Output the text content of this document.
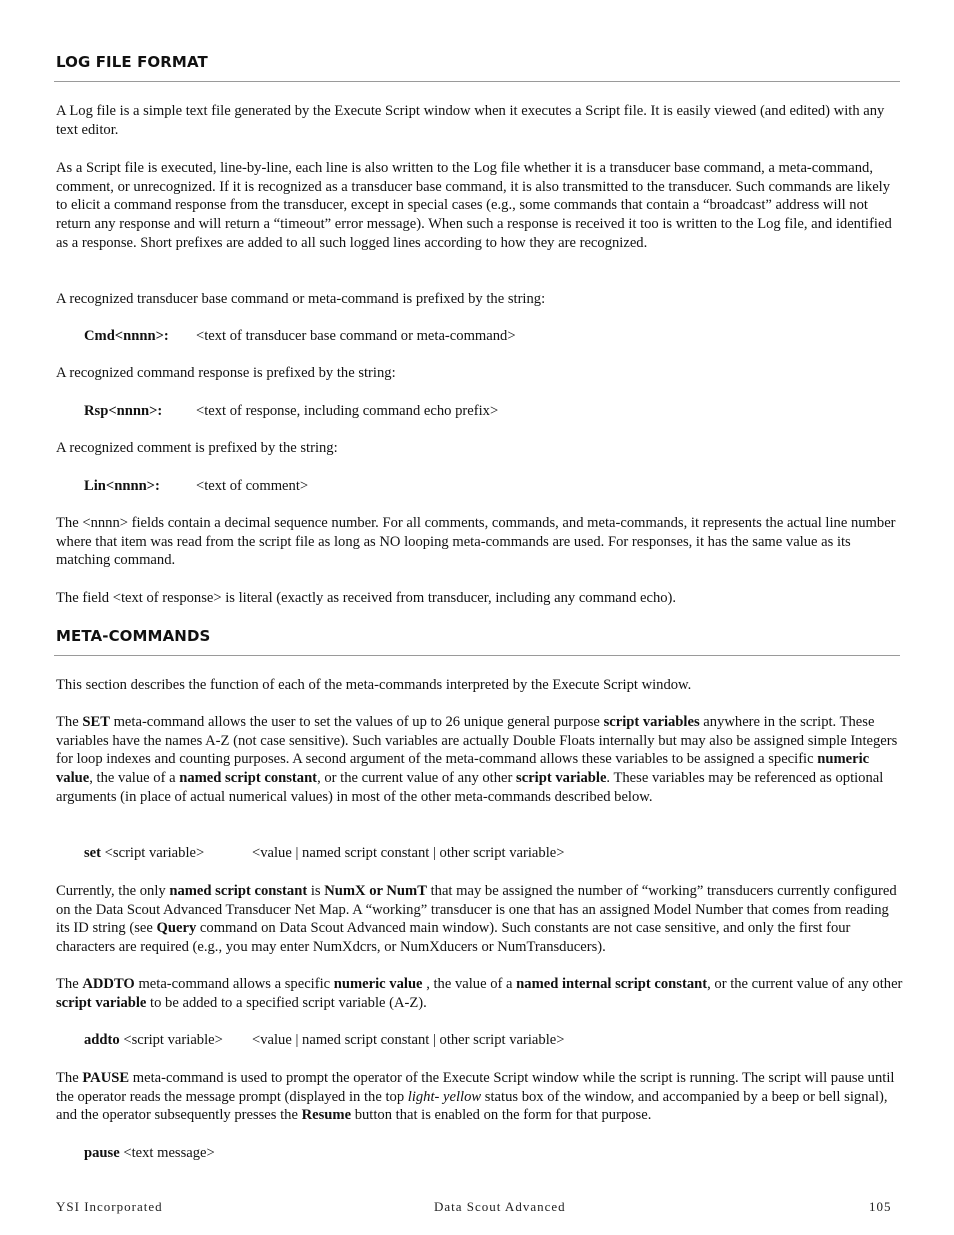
LOG FILE FORMAT

A Log file is a simple text file generated by the Execute Script window when it executes a Script file. It is easily viewed (and edited) with any text editor.

As a Script file is executed, line-by-line, each line is also written to the Log file whether it is a transducer base command, a meta-command, comment, or unrecognized. If it is recognized as a transducer base command, it is also transmitted to the transducer. Such commands are likely to elicit a command response from the transducer, except in special cases (e.g., some commands that contain a “broadcast” address will not return any response and will return a “timeout” error message). When such a response is received it too is written to the Log file, and identified as a response. Short prefixes are added to all such logged lines according to how they are recognized.

A recognized transducer base command or meta-command is prefixed by the string:

Cmd<nnnn>: <text of transducer base command or meta-command>

A recognized command response is prefixed by the string:

Rsp<nnnn>: <text of response, including command echo prefix>

A recognized comment is prefixed by the string:

Lin<nnnn>: <text of comment>

The <nnnn> fields contain a decimal sequence number. For all comments, commands, and meta-commands, it represents the actual line number where that item was read from the script file as long as NO looping meta-commands are used. For responses, it has the same value as its matching command.

The field <text of response> is literal (exactly as received from transducer, including any command echo).

META-COMMANDS

This section describes the function of each of the meta-commands interpreted by the Execute Script window.

The SET meta-command allows the user to set the values of up to 26 unique general purpose script variables anywhere in the script. These variables have the names A-Z (not case sensitive). Such variables are actually Double Floats internally but may also be assigned simple Integers for loop indexes and counting purposes. A second argument of the meta-command allows these variables to be assigned a specific numeric value, the value of a named script constant, or the current value of any other script variable. These variables may be referenced as optional arguments (in place of actual numerical values) in most of the other meta-commands described below.

set <script variable>	<value | named script constant | other script variable>

Currently, the only named script constant is NumX or NumT that may be assigned the number of “working” transducers currently configured on the Data Scout Advanced Transducer Net Map. A “working” transducer is one that has an assigned Model Number that comes from reading its ID string (see Query command on Data Scout Advanced main window). Such constants are not case sensitive, and only the first four characters are required (e.g., you may enter NumXdcrs, or NumXducers or NumTransducers).

The ADDTO meta-command allows a specific numeric value , the value of a named internal script constant, or the current value of any other script variable to be added to a specified script variable (A-Z).

addto <script variable> <value | named script constant | other script variable>

The PAUSE meta-command is used to prompt the operator of the Execute Script window while the script is running. The script will pause until the operator reads the message prompt (displayed in the top light- yellow status box of the window, and accompanied by a beep or bell signal), and the operator subsequently presses the Resume button that is enabled on the form for that purpose.

pause <text message>
YSI Incorporated	Data Scout Advanced	105
